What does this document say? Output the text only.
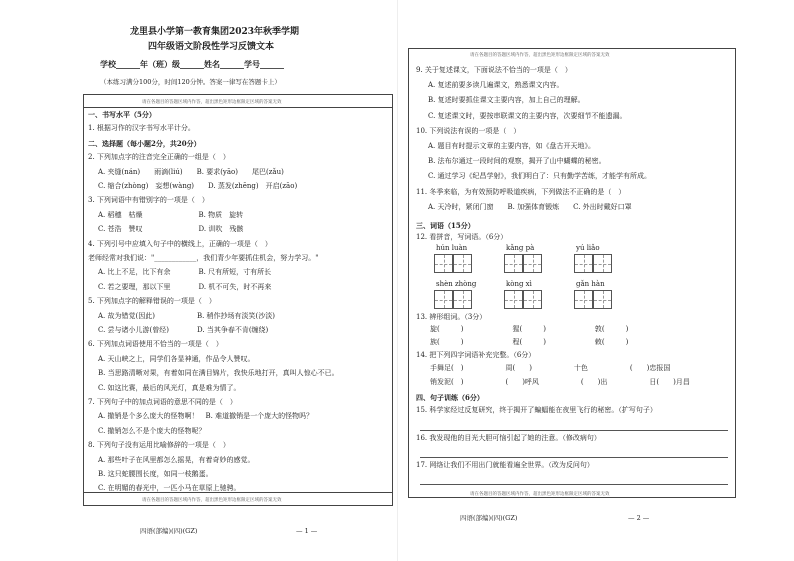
龙里县小学第一教育集团2023年秋季学期
四年级语文阶段性学习反馈文本
学校______年（班）级______姓名______学号______
（本练习满分100分，时间120分钟。答案一律写在答题卡上）
请在各题目的答题区域内作答，超出黑色矩形边框限定区域的答案无效
请在各题目的答题区域内作答，超出黑色矩形边框限定区域的答案无效
一、书写水平（5分）
1. 根据习作的汉字书写水平计分。
二、选择题（每小题2分，共20分）
2. 下列加点字的注音完全正确的一组是（　）
A. 夹缝(nán)　　雨滴(liú)　　B. 要求(yāo)　　尾巴(zǎu)
C. 缩合(zhòng)　妄想(wàng)　　D. 蒸发(zhēng)　开启(zāo)
3. 下列词语中有错别字的一项是（　）
A. 稻穗　枯燥　　　　　　　　B. 物质　旋转
C. 苍浩　赞叹　　　　　　　　D. 训吹　残骸
4. 下列引号中应填入句子中的横线上，正确的一项是（　）
老师经常对我们说："____________，我们青少年要抓住机会，努力学习。"
A. 比上不足，比下有余　　　　B. 尺有所短，寸有所长
C. 若之要理，那以下里　　　　D. 机不可失，时不再来
5. 下列加点字的解释错误的一项是（　）
A. 故为错觉(因此)　　　　　　B. 稍作抄场有淡笑(沙淡)
C. 尝与诸小儿游(曾经)　　　　D. 当其争春不肯(缠绕)
6. 下列加点词语使用不恰当的一项是（　）
A. 天山峡之上，同学们各显神通，作品令人赞叹。
B. 当思路清晰对果，有着如同在满目锦片，我快乐地打开，真叫人惊心不已。
C. 如这比赛，最后的风光灯，真是难为情了。
7. 下列句子中的加点词语的意思不同的是（　）
A. 撤销是个多么庞大的怪物啊！　B. 难道撤销是一个庞大的怪物吗？
C. 撤销怎么不是个庞大的怪物呢？
8. 下列句子没有运用比喻修辞的一项是（　）
A. 那些叶子在风里都怎么摇晃，有着奇妙的感觉。
B. 这只蛇腰围长度，如同一枝鹅蛋。
C. 在明媚的春光中，一匹小马在草原上驰骋。
四语(部编)(四)(GZ)	— 1 —
请在各题目的答题区域内作答，超出黑色矩形边框限定区域的答案无效
9. 关于复述课文，下面说法不恰当的一项是（　）
A. 复述前要多读几遍课文，熟悉课文内容。
B. 复述时要抓住课文主要内容，加上自己的理解。
C. 复述课文时，要按串联课文的主要内容，次要细节不能遗漏。
10. 下列说法有误的一项是（　）
A. 题目有时提示文章的主要内容，如《盘古开天地》。
B. 法布尔通过一段时间的观察，揭开了山中蝴蝶的秘密。
C. 通过学习《纪昌学射》，我们明白了：只有勤学苦练，才能学有所成。
11. 冬季来临，为有效预防呼吸道疾病，下列做法不正确的是（　）
A. 天冷时，紧闭门窗　　B. 加强体育锻炼　　C. 外出时戴好口罩
三、词语（15分）
12. 看拼音，写词语。（6分）
hún luàn	kǎng pà	yú liǎo
shèn zhòng	kòng xì	gǎn hàn
13. 辨形组词。（3分）
旋(　　　)　　　　　　　猩(　　　)　　　　　　　敦(　　　)
族(　　　)　　　　　　　程(　　　)　　　　　　　敕(　　　)
14. 把下列四字词语补充完整。（6分）
手舞足(　)　　　　　　周(　　)　　　　　　十色　　　　　　(　　)忠报国
销发泥(　)　　　　　　(　　)呼风　　　　　　(　　)出　　　　　　日(　　)月昌
四、句子训练（6分）
15. 科学家经过反复研究，终于揭开了蝙蝠能在夜里飞行的秘密。（扩写句子）
16. 我发现他的目光大胆可恼引起了她的注意。（修改病句）
17. 网络让我们不用出门就能看遍全世界。（改为反问句）
请在各题目的答题区域内作答，超出黑色矩形边框限定区域的答案无效
四语(部编)(四)(GZ)	— 2 —
